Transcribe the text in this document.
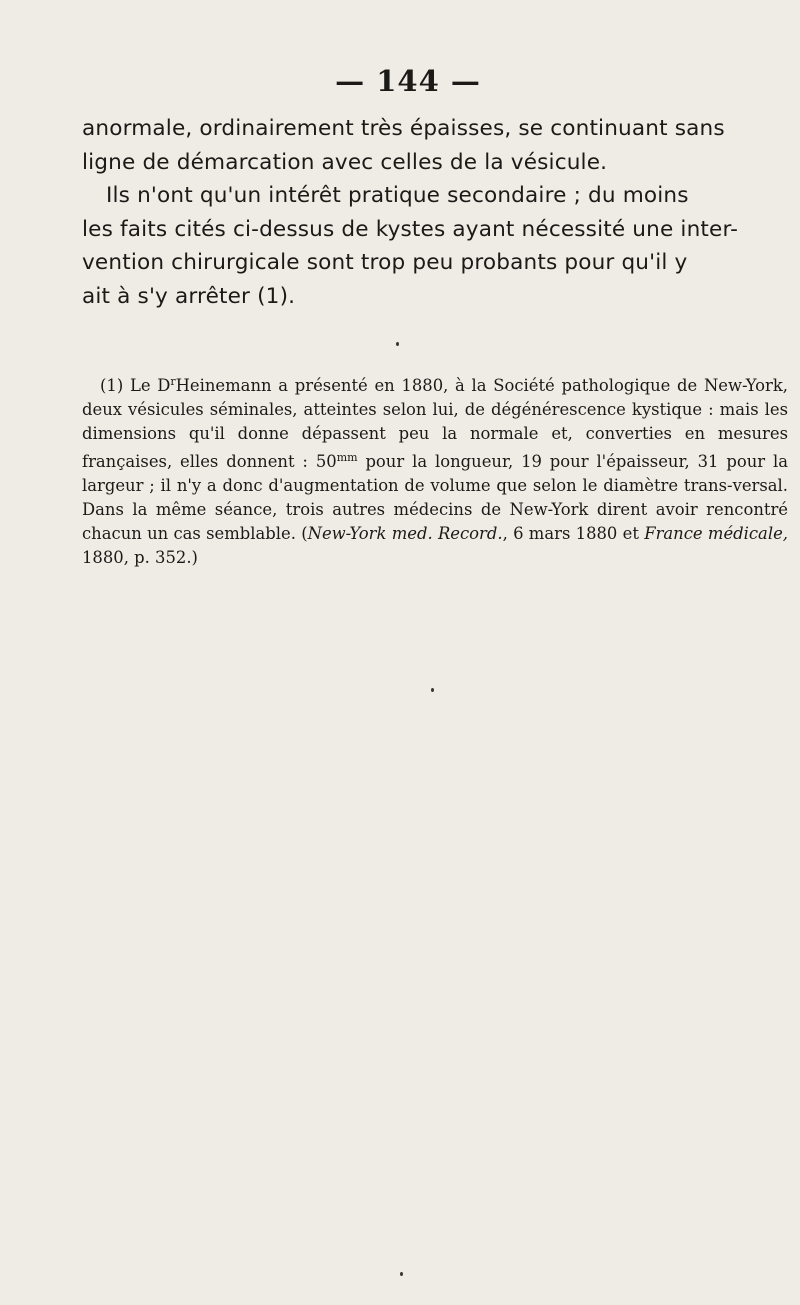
— 144 —

anormale, ordinairement très épaisses, se continuant sans

ligne de démarcation avec celles de la vésicule.

Ils n'ont qu'un intérêt pratique secondaire ; du moins

les faits cités ci-dessus de kystes ayant nécessité une inter-

vention chirurgicale sont trop peu probants pour qu'il y

ait à s'y arrêter (1).

(1) Le $D^rHeinemann$ a présenté en 1880, à la Société pathologique de New-York, deux vésicules séminales, atteintes selon lui, de dégénérescence kystique : mais les dimensions qu'il donne dépassent peu la normale et, converties en mesures françaises, elles donnent : $50^{mm}$ pour la longueur, 19 pour l'épaisseur, 31 pour la largeur ; il n'y a donc d'augmentation de volume que selon le diamètre trans-versal. Dans la même séance, trois autres médecins de New-York dirent avoir rencontré chacun un cas semblable. (New-York med. Record., 6 mars 1880 et France médicale, 1880, p. 352.)
